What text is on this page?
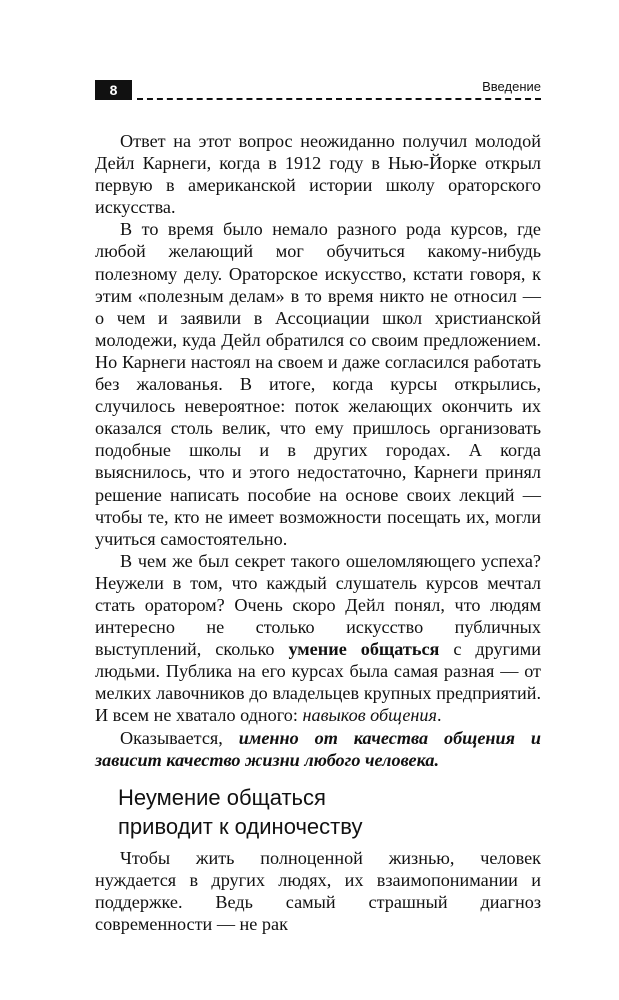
8	Введение

Ответ на этот вопрос неожиданно получил молодой Дейл Карнеги, когда в 1912 году в Нью-Йорке открыл первую в американской истории школу ораторского искусства.

В то время было немало разного рода курсов, где любой желающий мог обучиться какому-нибудь полезному делу. Ораторское искусство, кстати говоря, к этим «полезным делам» в то время никто не относил — о чем и заявили в Ассоциации школ христианской молодежи, куда Дейл обратился со своим предложением. Но Карнеги настоял на своем и даже согласился работать без жалованья. В итоге, когда курсы открылись, случилось невероятное: поток желающих окончить их оказался столь велик, что ему пришлось организовать подобные школы и в других городах. А когда выяснилось, что и этого недостаточно, Карнеги принял решение написать пособие на основе своих лекций — чтобы те, кто не имеет возможности посещать их, могли учиться самостоятельно.

В чем же был секрет такого ошеломляющего успеха? Неужели в том, что каждый слушатель курсов мечтал стать оратором? Очень скоро Дейл понял, что людям интересно не столько искусство публичных выступлений, сколько умение общаться с другими людьми. Публика на его курсах была самая разная — от мелких лавочников до владельцев крупных предприятий. И всем не хватало одного: навыков общения.

Оказывается, именно от качества общения и зависит качество жизни любого человека.

Неумение общаться
приводит к одиночеству

Чтобы жить полноценной жизнью, человек нуждается в других людях, их взаимопонимании и поддержке. Ведь самый страшный диагноз современности — не рак
